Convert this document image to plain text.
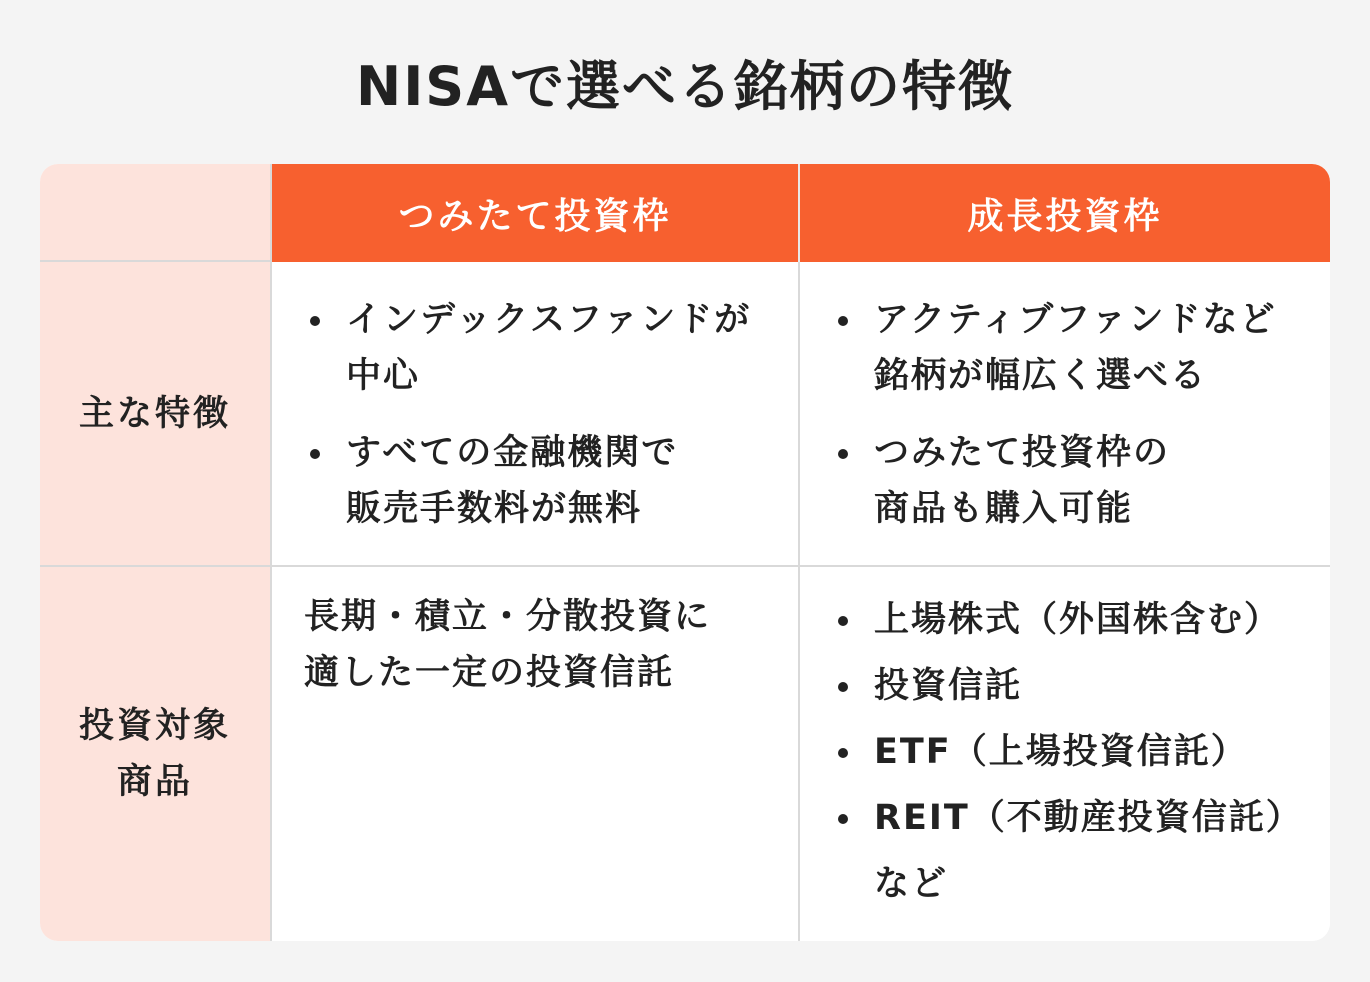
NISAで選べる銘柄の特徴
つみたて投資枠	成長投資枠
主な特徴
インデックスファンドが
中心
すべての金融機関で
販売手数料が無料
アクティブファンドなど
銘柄が幅広く選べる
つみたて投資枠の
商品も購入可能
投資対象
商品
長期・積立・分散投資に
適した一定の投資信託
上場株式（外国株含む）
投資信託
ETF（上場投資信託）
REIT（不動産投資信託）
など
